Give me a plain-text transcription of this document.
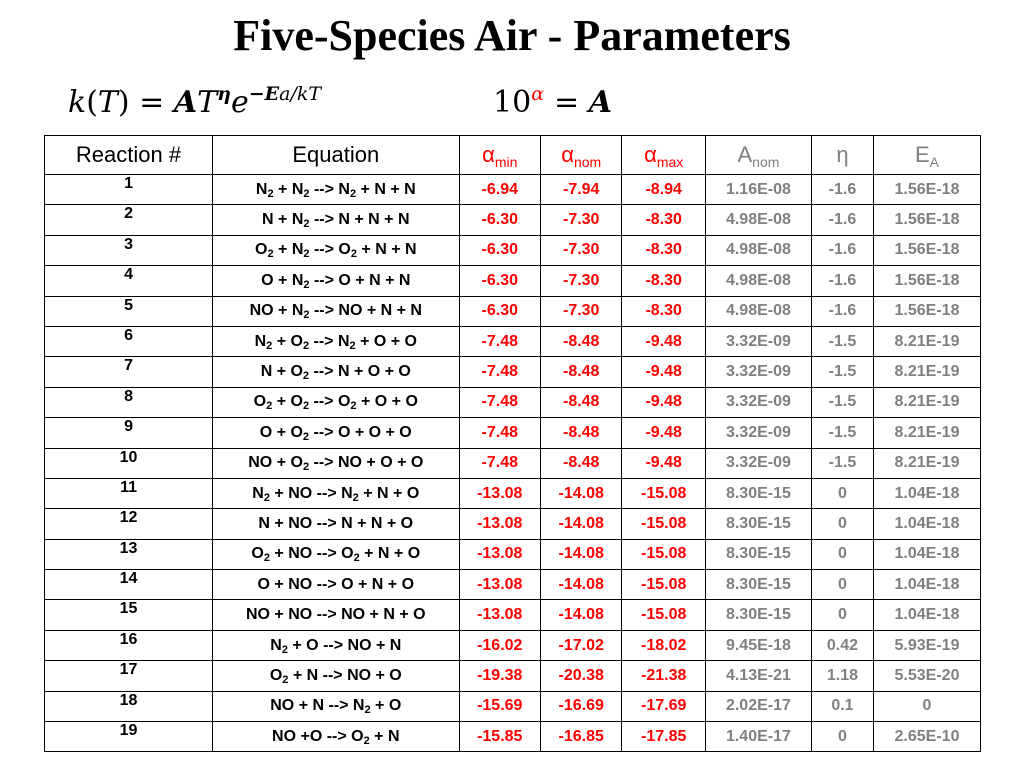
Five-Species Air - Parameters
$k(T) = AT^\eta e^{-Ea/kT}$	$10^\alpha = A$
Reaction #	Equation	$\alpha_{min}$	$\alpha_{nom}$	$\alpha_{max}$	$A_{nom}$	η	$E_A$
1	$N_2 + N_2$ --> $N_2 + N + N$	-6.94	-7.94	-8.94	1.16E-08	-1.6	1.56E-18
2	$N + N_2$ --> N + N + N	-6.30	-7.30	-8.30	4.98E-08	-1.6	1.56E-18
3	$O_2 + N_2$ --> $O_2 + N + N$	-6.30	-7.30	-8.30	4.98E-08	-1.6	1.56E-18
4	$O + N_2$ --> O + N + N	-6.30	-7.30	-8.30	4.98E-08	-1.6	1.56E-18
5	NO + $N_2$ --> NO + N + N	-6.30	-7.30	-8.30	4.98E-08	-1.6	1.56E-18
6	$N_2 + O_2$ --> $N_2 + O + O$	-7.48	-8.48	-9.48	3.32E-09	-1.5	8.21E-19
7	$N + O_2$ --> N + O + O	-7.48	-8.48	-9.48	3.32E-09	-1.5	8.21E-19
8	$O_2 + O_2$ --> $O_2 + O + O$	-7.48	-8.48	-9.48	3.32E-09	-1.5	8.21E-19
9	$O + O_2$ --> O + O + O	-7.48	-8.48	-9.48	3.32E-09	-1.5	8.21E-19
10	NO + $O_2$ --> NO + O + O	-7.48	-8.48	-9.48	3.32E-09	-1.5	8.21E-19
11	$N_2$ + NO --> $N_2 + N + O$	-13.08	-14.08	-15.08	8.30E-15	0	1.04E-18
12	N + NO --> N + N + O	-13.08	-14.08	-15.08	8.30E-15	0	1.04E-18
13	$O_2$ + NO --> $O_2 + N + O$	-13.08	-14.08	-15.08	8.30E-15	0	1.04E-18
14	O + NO --> O + N + O	-13.08	-14.08	-15.08	8.30E-15	0	1.04E-18
15	NO + NO --> NO + N + O	-13.08	-14.08	-15.08	8.30E-15	0	1.04E-18
16	$N_2 + O$ --> NO + N	-16.02	-17.02	-18.02	9.45E-18	0.42	5.93E-19
17	$O_2 + N$ --> NO + O	-19.38	-20.38	-21.38	4.13E-21	1.18	5.53E-20
18	NO + N --> $N_2 + O$	-15.69	-16.69	-17.69	2.02E-17	0.1	0
19	NO +O --> $O_2 + N$	-15.85	-16.85	-17.85	1.40E-17	0	2.65E-10
